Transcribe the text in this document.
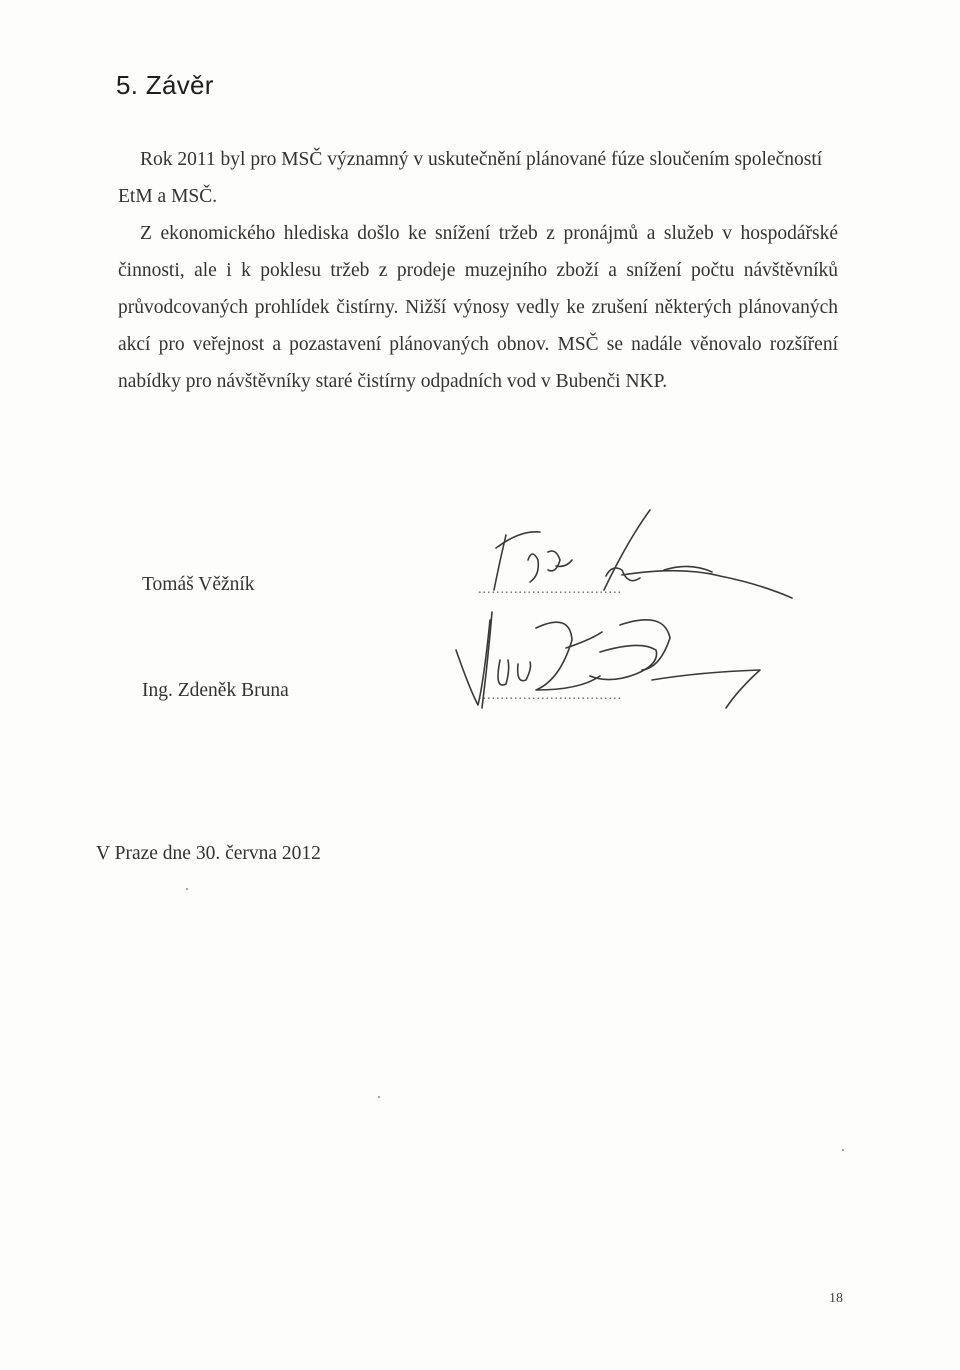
5. Závěr

Rok 2011 byl pro MSČ významný v uskutečnění plánované fúze sloučením společností EtM a MSČ.

Z ekonomického hlediska došlo ke snížení tržeb z pronájmů a služeb v hospodářské činnosti, ale i k poklesu tržeb z prodeje muzejního zboží a snížení počtu návštěvníků průvodcovaných prohlídek čistírny. Nižší výnosy vedly ke zrušení některých plánovaných akcí pro veřejnost a pozastavení plánovaných obnov. MSČ se nadále věnovalo rozšíření nabídky pro návštěvníky staré čistírny odpadních vod v Bubenči NKP.

Tomáš Věžník	................................
Ing. Zdeněk Bruna	................................
V Praze dne 30. června 2012
18
